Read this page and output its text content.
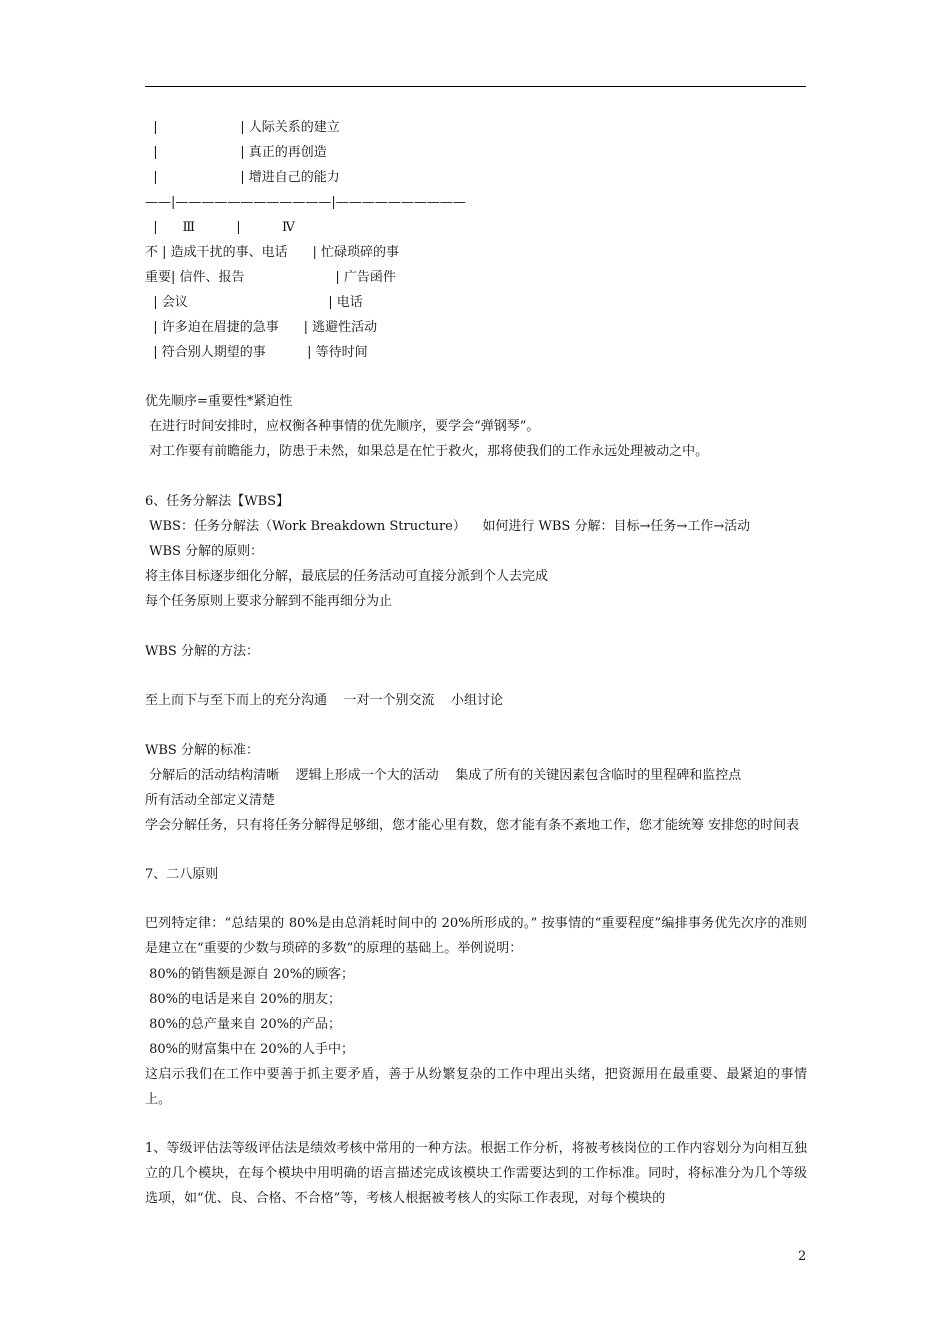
|                    | 人际关系的建立

|                    | 真正的再创造

|                    | 增进自己的能力

——|————————————|——————————

|      Ⅲ          |          Ⅳ

不 | 造成干扰的事、电话      | 忙碌琐碎的事

重要| 信件、报告                      | 广告函件

| 会议                                  | 电话

| 许多迫在眉捷的急事      | 逃避性活动

| 符合别人期望的事          | 等待时间

优先顺序=重要性*紧迫性

在进行时间安排时，应权衡各种事情的优先顺序，要学会“弹钢琴”。

对工作要有前瞻能力，防患于未然，如果总是在忙于救火，那将使我们的工作永远处理被动之中。

6、任务分解法【WBS】

WBS：任务分解法（Work Breakdown Structure）    如何进行 WBS 分解：目标→任务→工作→活动

WBS 分解的原则：

将主体目标逐步细化分解，最底层的任务活动可直接分派到个人去完成

每个任务原则上要求分解到不能再细分为止

WBS 分解的方法：

至上而下与至下而上的充分沟通    一对一个别交流    小组讨论

WBS 分解的标准：

分解后的活动结构清晰    逻辑上形成一个大的活动    集成了所有的关键因素包含临时的里程碑和监控点

所有活动全部定义清楚

学会分解任务，只有将任务分解得足够细，您才能心里有数，您才能有条不紊地工作，您才能统筹 安排您的时间表

7、二八原则

巴列特定律：“总结果的 80%是由总消耗时间中的 20%所形成的。” 按事情的“重要程度”编排事务优先次序的准则是建立在“重要的少数与琐碎的多数”的原理的基础上。举例说明：

80%的销售额是源自 20%的顾客；

80%的电话是来自 20%的朋友；

80%的总产量来自 20%的产品；

80%的财富集中在 20%的人手中；

这启示我们在工作中要善于抓主要矛盾，善于从纷繁复杂的工作中理出头绪，把资源用在最重要、最紧迫的事情上。

1、等级评估法等级评估法是绩效考核中常用的一种方法。根据工作分析，将被考核岗位的工作内容划分为向相互独立的几个模块，在每个模块中用明确的语言描述完成该模块工作需要达到的工作标准。同时，将标准分为几个等级选项，如“优、良、合格、不合格”等，考核人根据被考核人的实际工作表现，对每个模块的

2
